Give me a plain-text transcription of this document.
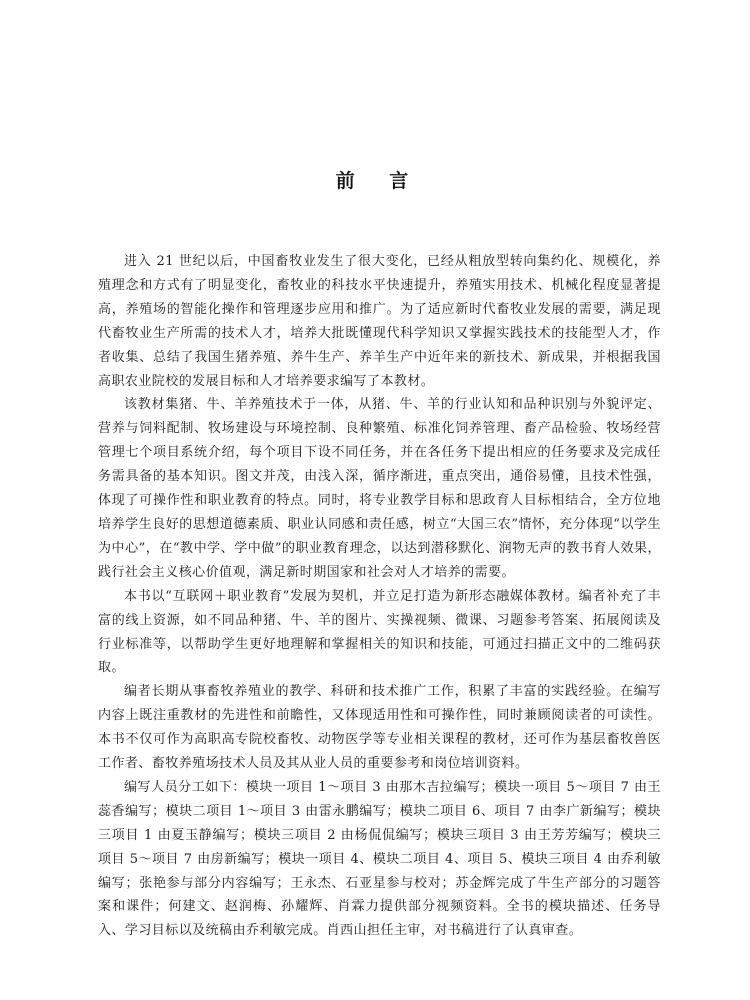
前 言

进入 21 世纪以后，中国畜牧业发生了很大变化，已经从粗放型转向集约化、规模化，养殖理念和方式有了明显变化，畜牧业的科技水平快速提升，养殖实用技术、机械化程度显著提高，养殖场的智能化操作和管理逐步应用和推广。为了适应新时代畜牧业发展的需要，满足现代畜牧业生产所需的技术人才，培养大批既懂现代科学知识又掌握实践技术的技能型人才，作者收集、总结了我国生猪养殖、养牛生产、养羊生产中近年来的新技术、新成果，并根据我国高职农业院校的发展目标和人才培养要求编写了本教材。

该教材集猪、牛、羊养殖技术于一体，从猪、牛、羊的行业认知和品种识别与外貌评定、营养与饲料配制、牧场建设与环境控制、良种繁殖、标准化饲养管理、畜产品检验、牧场经营管理七个项目系统介绍，每个项目下设不同任务，并在各任务下提出相应的任务要求及完成任务需具备的基本知识。图文并茂，由浅入深，循序渐进，重点突出，通俗易懂，且技术性强，体现了可操作性和职业教育的特点。同时，将专业教学目标和思政育人目标相结合，全方位地培养学生良好的思想道德素质、职业认同感和责任感，树立“大国三农”情怀，充分体现“以学生为中心”，在“教中学、学中做”的职业教育理念，以达到潜移默化、润物无声的教书育人效果，践行社会主义核心价值观，满足新时期国家和社会对人才培养的需要。

本书以“互联网＋职业教育”发展为契机，并立足打造为新形态融媒体教材。编者补充了丰富的线上资源，如不同品种猪、牛、羊的图片、实操视频、微课、习题参考答案、拓展阅读及行业标准等，以帮助学生更好地理解和掌握相关的知识和技能，可通过扫描正文中的二维码获取。

编者长期从事畜牧养殖业的教学、科研和技术推广工作，积累了丰富的实践经验。在编写内容上既注重教材的先进性和前瞻性，又体现适用性和可操作性，同时兼顾阅读者的可读性。本书不仅可作为高职高专院校畜牧、动物医学等专业相关课程的教材，还可作为基层畜牧兽医工作者、畜牧养殖场技术人员及其从业人员的重要参考和岗位培训资料。

编写人员分工如下：模块一项目 1～项目 3 由那木吉拉编写；模块一项目 5～项目 7 由王蕊香编写；模块二项目 1～项目 3 由雷永鹏编写；模块二项目 6、项目 7 由李广新编写；模块三项目 1 由夏玉静编写；模块三项目 2 由杨侃侃编写；模块三项目 3 由王芳芳编写；模块三项目 5～项目 7 由房新编写；模块一项目 4、模块二项目 4、项目 5、模块三项目 4 由乔利敏编写；张艳参与部分内容编写；王永杰、石亚星参与校对；苏金辉完成了牛生产部分的习题答案和课件；何建文、赵润梅、孙耀辉、肖霖力提供部分视频资料。全书的模块描述、任务导入、学习目标以及统稿由乔利敏完成。肖西山担任主审，对书稿进行了认真审查。
